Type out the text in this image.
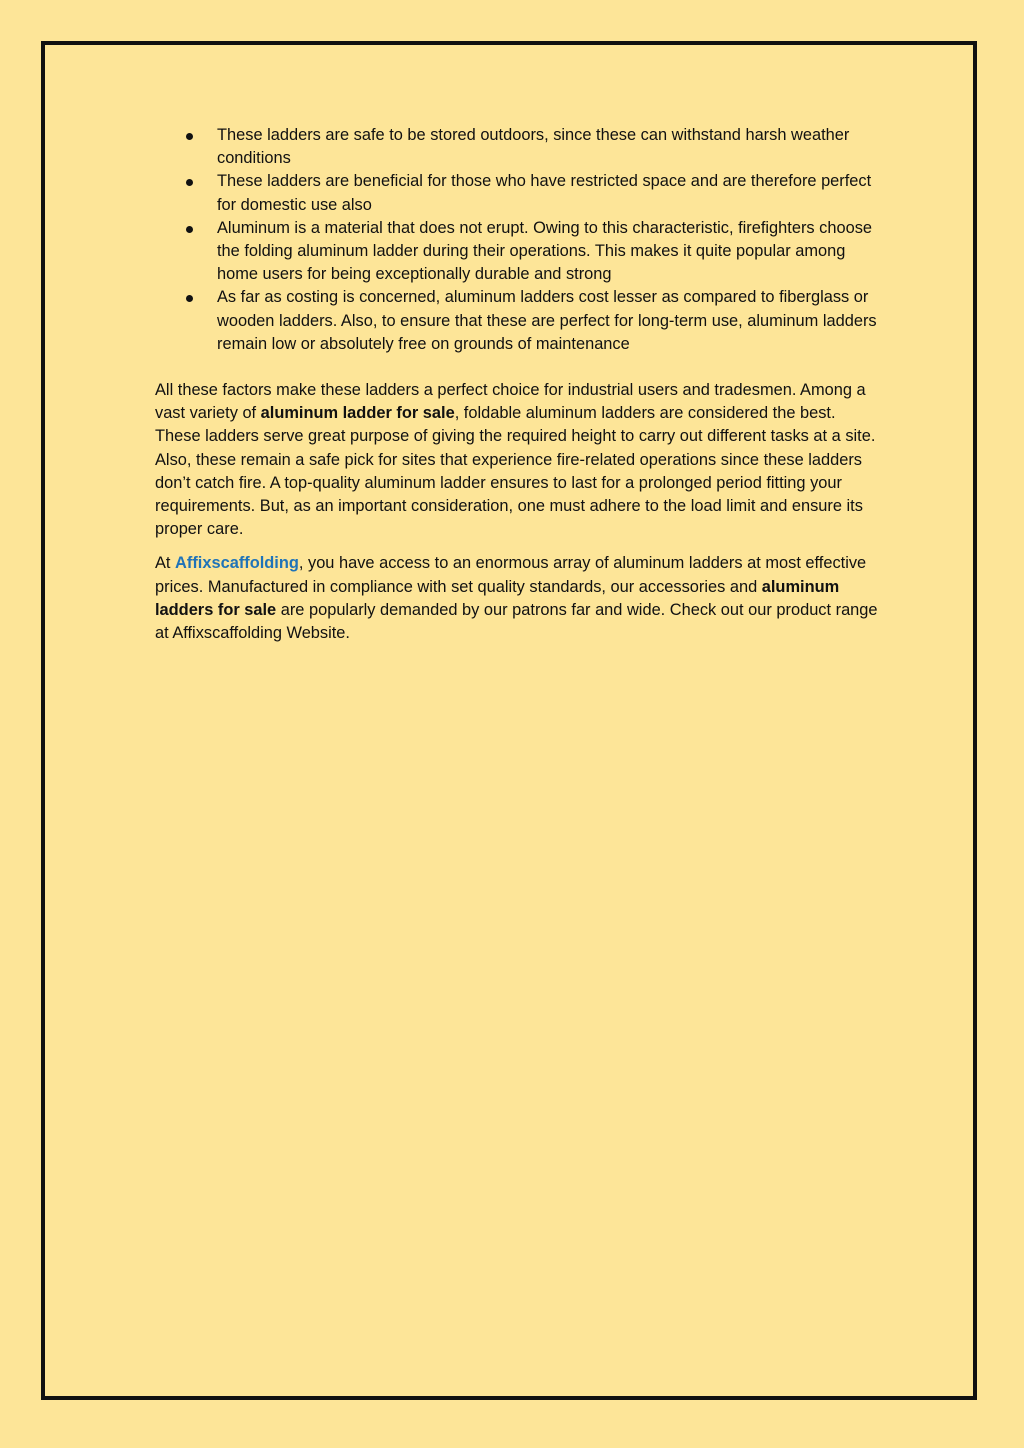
These ladders are safe to be stored outdoors, since these can withstand harsh weather conditions
These ladders are beneficial for those who have restricted space and are therefore perfect for domestic use also
Aluminum is a material that does not erupt. Owing to this characteristic, firefighters choose the folding aluminum ladder during their operations. This makes it quite popular among home users for being exceptionally durable and strong
As far as costing is concerned, aluminum ladders cost lesser as compared to fiberglass or wooden ladders. Also, to ensure that these are perfect for long-term use, aluminum ladders remain low or absolutely free on grounds of maintenance

All these factors make these ladders a perfect choice for industrial users and tradesmen. Among a vast variety of aluminum ladder for sale, foldable aluminum ladders are considered the best. These ladders serve great purpose of giving the required height to carry out different tasks at a site. Also, these remain a safe pick for sites that experience fire-related operations since these ladders don’t catch fire. A top-quality aluminum ladder ensures to last for a prolonged period fitting your requirements. But, as an important consideration, one must adhere to the load limit and ensure its proper care.

At Affixscaffolding, you have access to an enormous array of aluminum ladders at most effective prices. Manufactured in compliance with set quality standards, our accessories and aluminum ladders for sale are popularly demanded by our patrons far and wide. Check out our product range at Affixscaffolding Website.
